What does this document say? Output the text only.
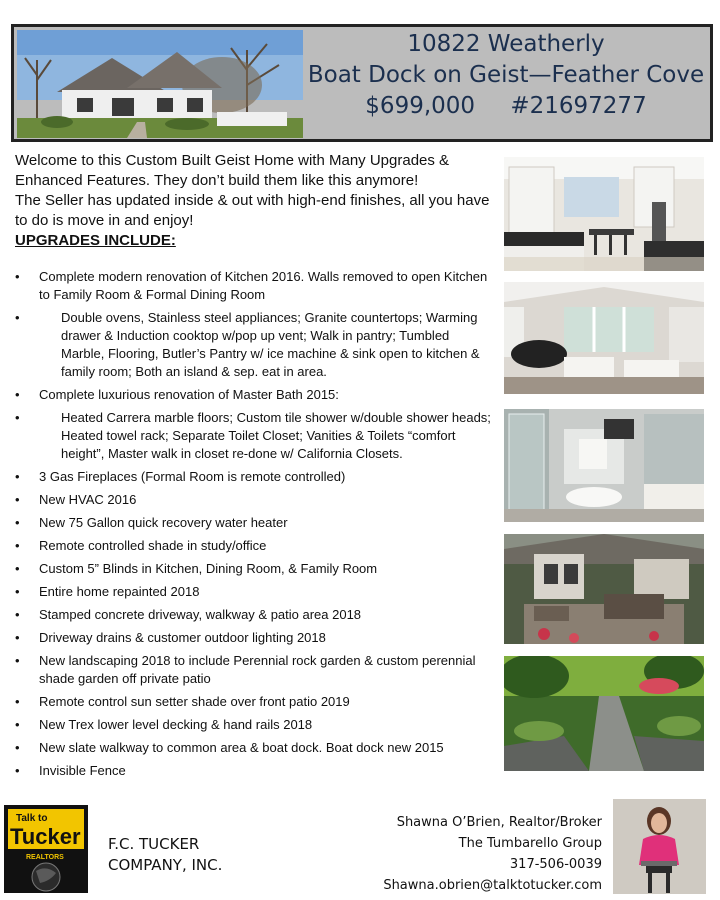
10822 Weatherly
Boat Dock on Geist—Feather Cove
$699,000 #21697277

Welcome to this Custom Built Geist Home with Many Upgrades & Enhanced Features. They don’t build them like this anymore!

The Seller has updated inside & out with high-end finishes, all you have to do is move in and enjoy!

UPGRADES INCLUDE:

• Complete modern renovation of Kitchen 2016. Walls removed to open Kitchen to Family Room & Formal Dining Room
• Double ovens, Stainless steel appliances; Granite countertops; Warming drawer & Induction cooktop w/pop up vent; Walk in pantry; Tumbled Marble, Flooring, Butler’s Pantry w/ ice machine & sink open to kitchen & family room; Both an island & sep. eat in area.
• Complete luxurious renovation of Master Bath 2015:
• Heated Carrera marble floors; Custom tile shower w/double shower heads; Heated towel rack; Separate Toilet Closet; Vanities & Toilets “comfort height”, Master walk in closet re-done w/ California Closets.
• 3 Gas Fireplaces (Formal Room is remote controlled)
• New HVAC 2016
• New 75 Gallon quick recovery water heater
• Remote controlled shade in study/office
• Custom 5” Blinds in Kitchen, Dining Room, & Family Room
• Entire home repainted 2018
• Stamped concrete driveway, walkway & patio area 2018
• Driveway drains & customer outdoor lighting 2018
• New landscaping 2018 to include Perennial rock garden & custom perennial shade garden off private patio
• Remote control sun setter shade over front patio 2019
• New Trex lower level decking & hand rails 2018
• New slate walkway to common area & boat dock. Boat dock new 2015
• Invisible Fence
Talk to
Tucker
REALTORS
F.C. TUCKER
COMPANY, INC.
Shawna O’Brien, Realtor/Broker
The Tumbarello Group
317-506-0039
Shawna.obrien@talktotucker.com
